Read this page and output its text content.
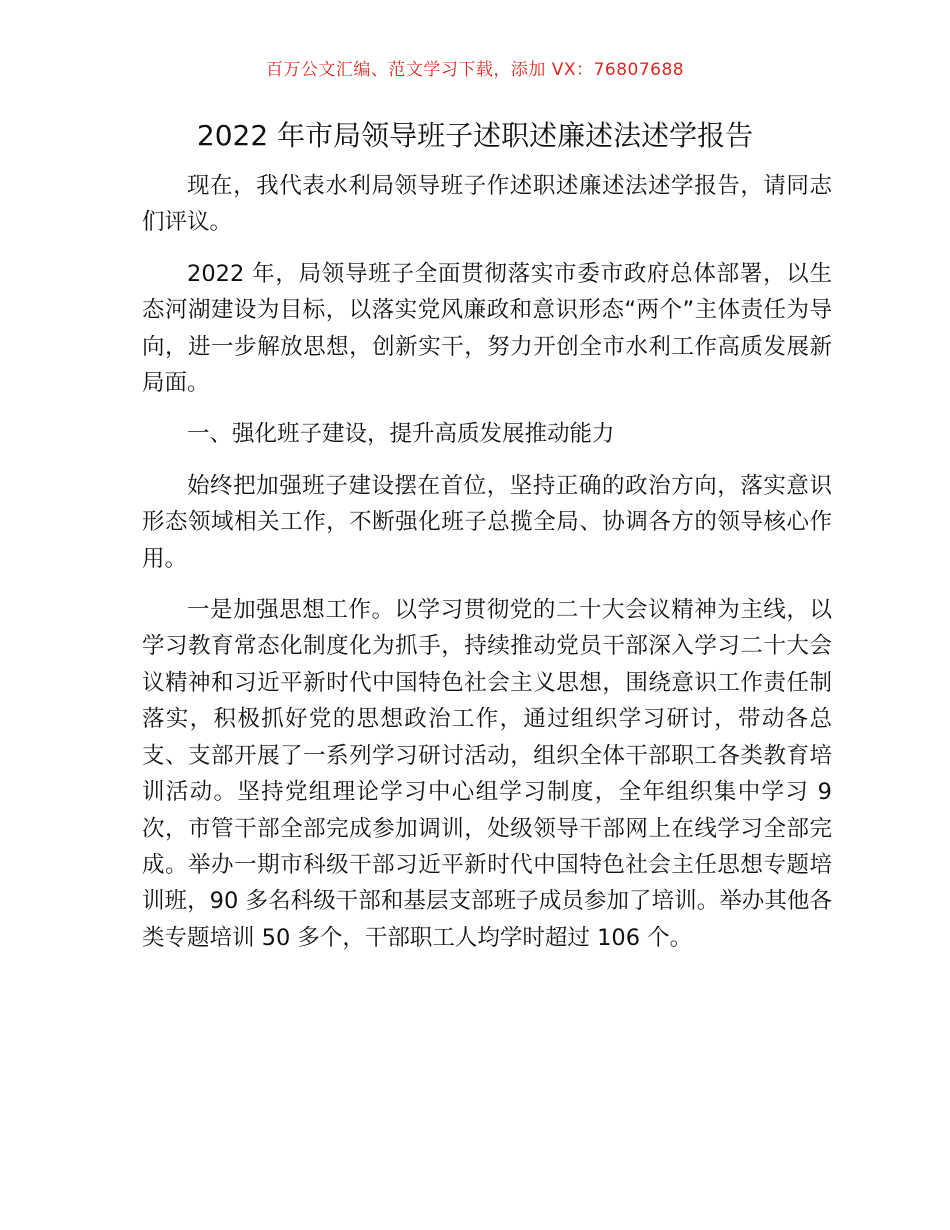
百万公文汇编、范文学习下载，添加 VX：76807688
2022 年市局领导班子述职述廉述法述学报告

现在，我代表水利局领导班子作述职述廉述法述学报告，请同志们评议。

2022 年，局领导班子全面贯彻落实市委市政府总体部署，以生态河湖建设为目标，以落实党风廉政和意识形态“两个”主体责任为导向，进一步解放思想，创新实干，努力开创全市水利工作高质发展新局面。

一、强化班子建设，提升高质发展推动能力

始终把加强班子建设摆在首位，坚持正确的政治方向，落实意识形态领域相关工作，不断强化班子总揽全局、协调各方的领导核心作用。

一是加强思想工作。以学习贯彻党的二十大会议精神为主线，以学习教育常态化制度化为抓手，持续推动党员干部深入学习二十大会议精神和习近平新时代中国特色社会主义思想，围绕意识工作责任制落实，积极抓好党的思想政治工作，通过组织学习研讨，带动各总支、支部开展了一系列学习研讨活动，组织全体干部职工各类教育培训活动。坚持党组理论学习中心组学习制度，全年组织集中学习 9 次，市管干部全部完成参加调训，处级领导干部网上在线学习全部完成。举办一期市科级干部习近平新时代中国特色社会主任思想专题培训班，90 多名科级干部和基层支部班子成员参加了培训。举办其他各类专题培训 50 多个，干部职工人均学时超过 106 个。
